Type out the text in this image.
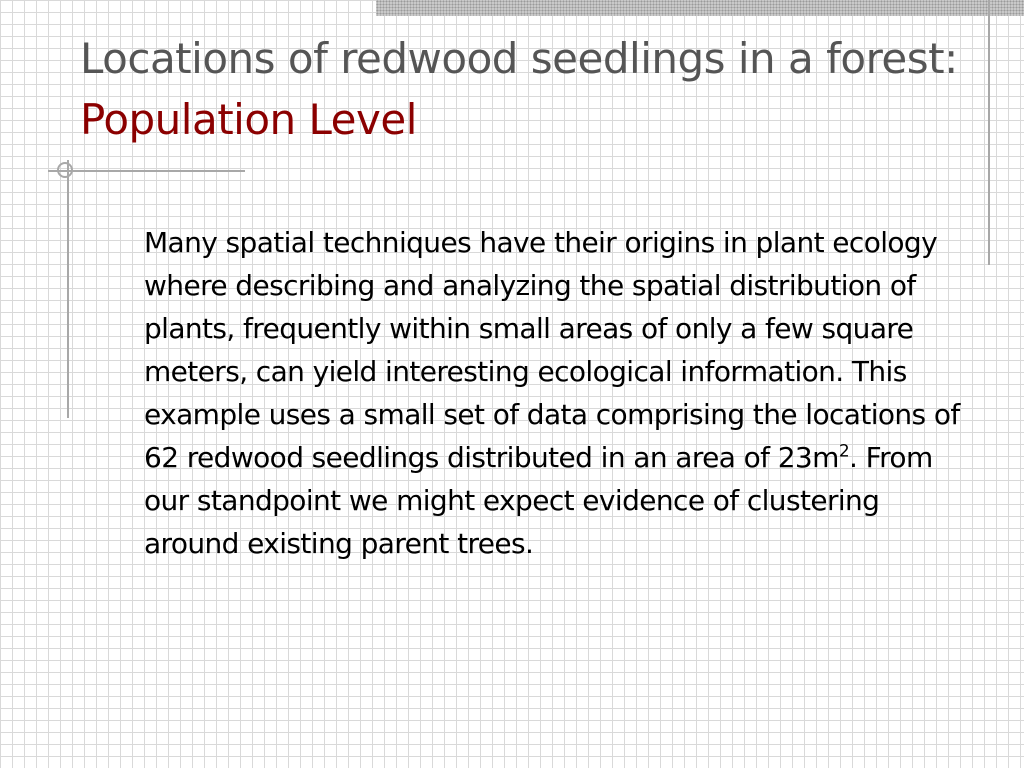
Locations of redwood seedlings in a forest: Population Level

Many spatial techniques have their origins in plant ecology where describing and analyzing the spatial distribution of plants, frequently within small areas of only a few square meters, can yield interesting ecological information. This example uses a small set of data comprising the locations of 62 redwood seedlings distributed in an area of $23m^2$. From our standpoint we might expect evidence of clustering around existing parent trees.
